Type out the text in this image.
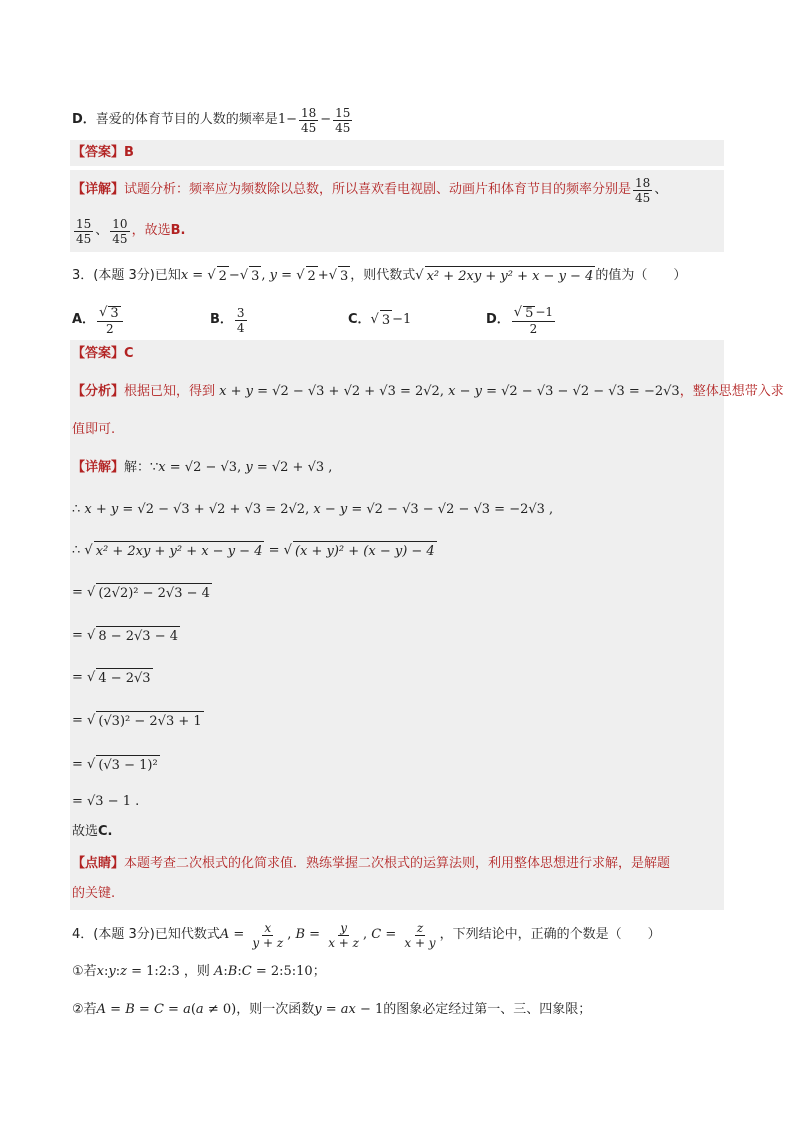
D． 喜爱的体育节目的人数的频率是 $1- \frac{18}{45} - \frac{15}{45}$
【答案】 B
【详解】 试题分析：频率应为频数除以总数，所以喜欢看电视剧、动画片和体育节目的频率分别是 $\frac{18}{45}$ 、
$\frac{15}{45}$ 、 $\frac{10}{45}$ ，故选 B.
3．(本题 3分)已知 x = √ 2 − √ 3 , y = √ 2 + √ 3 ，则代数式 √ x² + 2xy + y² + x − y − 4 的值为（　　）
A． $\frac{√ 3}{2}$	B． $\frac{3}{4}$	C． √ 3 −1	D． $\frac{√ 5 -1}{2}$
【答案】 C
【分析】 根据已知，得到 x + y = √2 − √3 + √2 + √3 = 2√2, x − y = √2 − √3 − √2 − √3 = −2√3 ，整体思想带入求
值即可.
【详解】 解：∵ x = √2 − √3, y = √2 + √3 ,
∴ x + y = √2 − √3 + √2 + √3 = 2√2, x − y = √2 − √3 − √2 − √3 = −2√3 ,
∴ √ x² + 2xy + y² + x − y − 4 = √ (x + y)² + (x − y) − 4
= √ (2√2)² − 2√3 − 4
= √ 8 − 2√3 − 4
= √ 4 − 2√3
= √ (√3)² − 2√3 + 1
= √ (√3 − 1)²
= √3 − 1 .
故选 C.
【点睛】 本题考查二次根式的化简求值．熟练掌握二次根式的运算法则，利用整体思想进行求解，是解题
的关键.
4．(本题 3分)已知代数式 $A = \frac{x}{y + z}$ , $B = \frac{y}{x + z}$ , $C = \frac{z}{x + y}$ ，下列结论中，正确的个数是（　　）
①若 x : y : z = 1:2:3 ，则 A : B : C = 2:5:10 ；
②若 A = B = C = a ( a ≠ 0) ，则一次函数 y = ax − 1 的图象必定经过第一、三、四象限；
